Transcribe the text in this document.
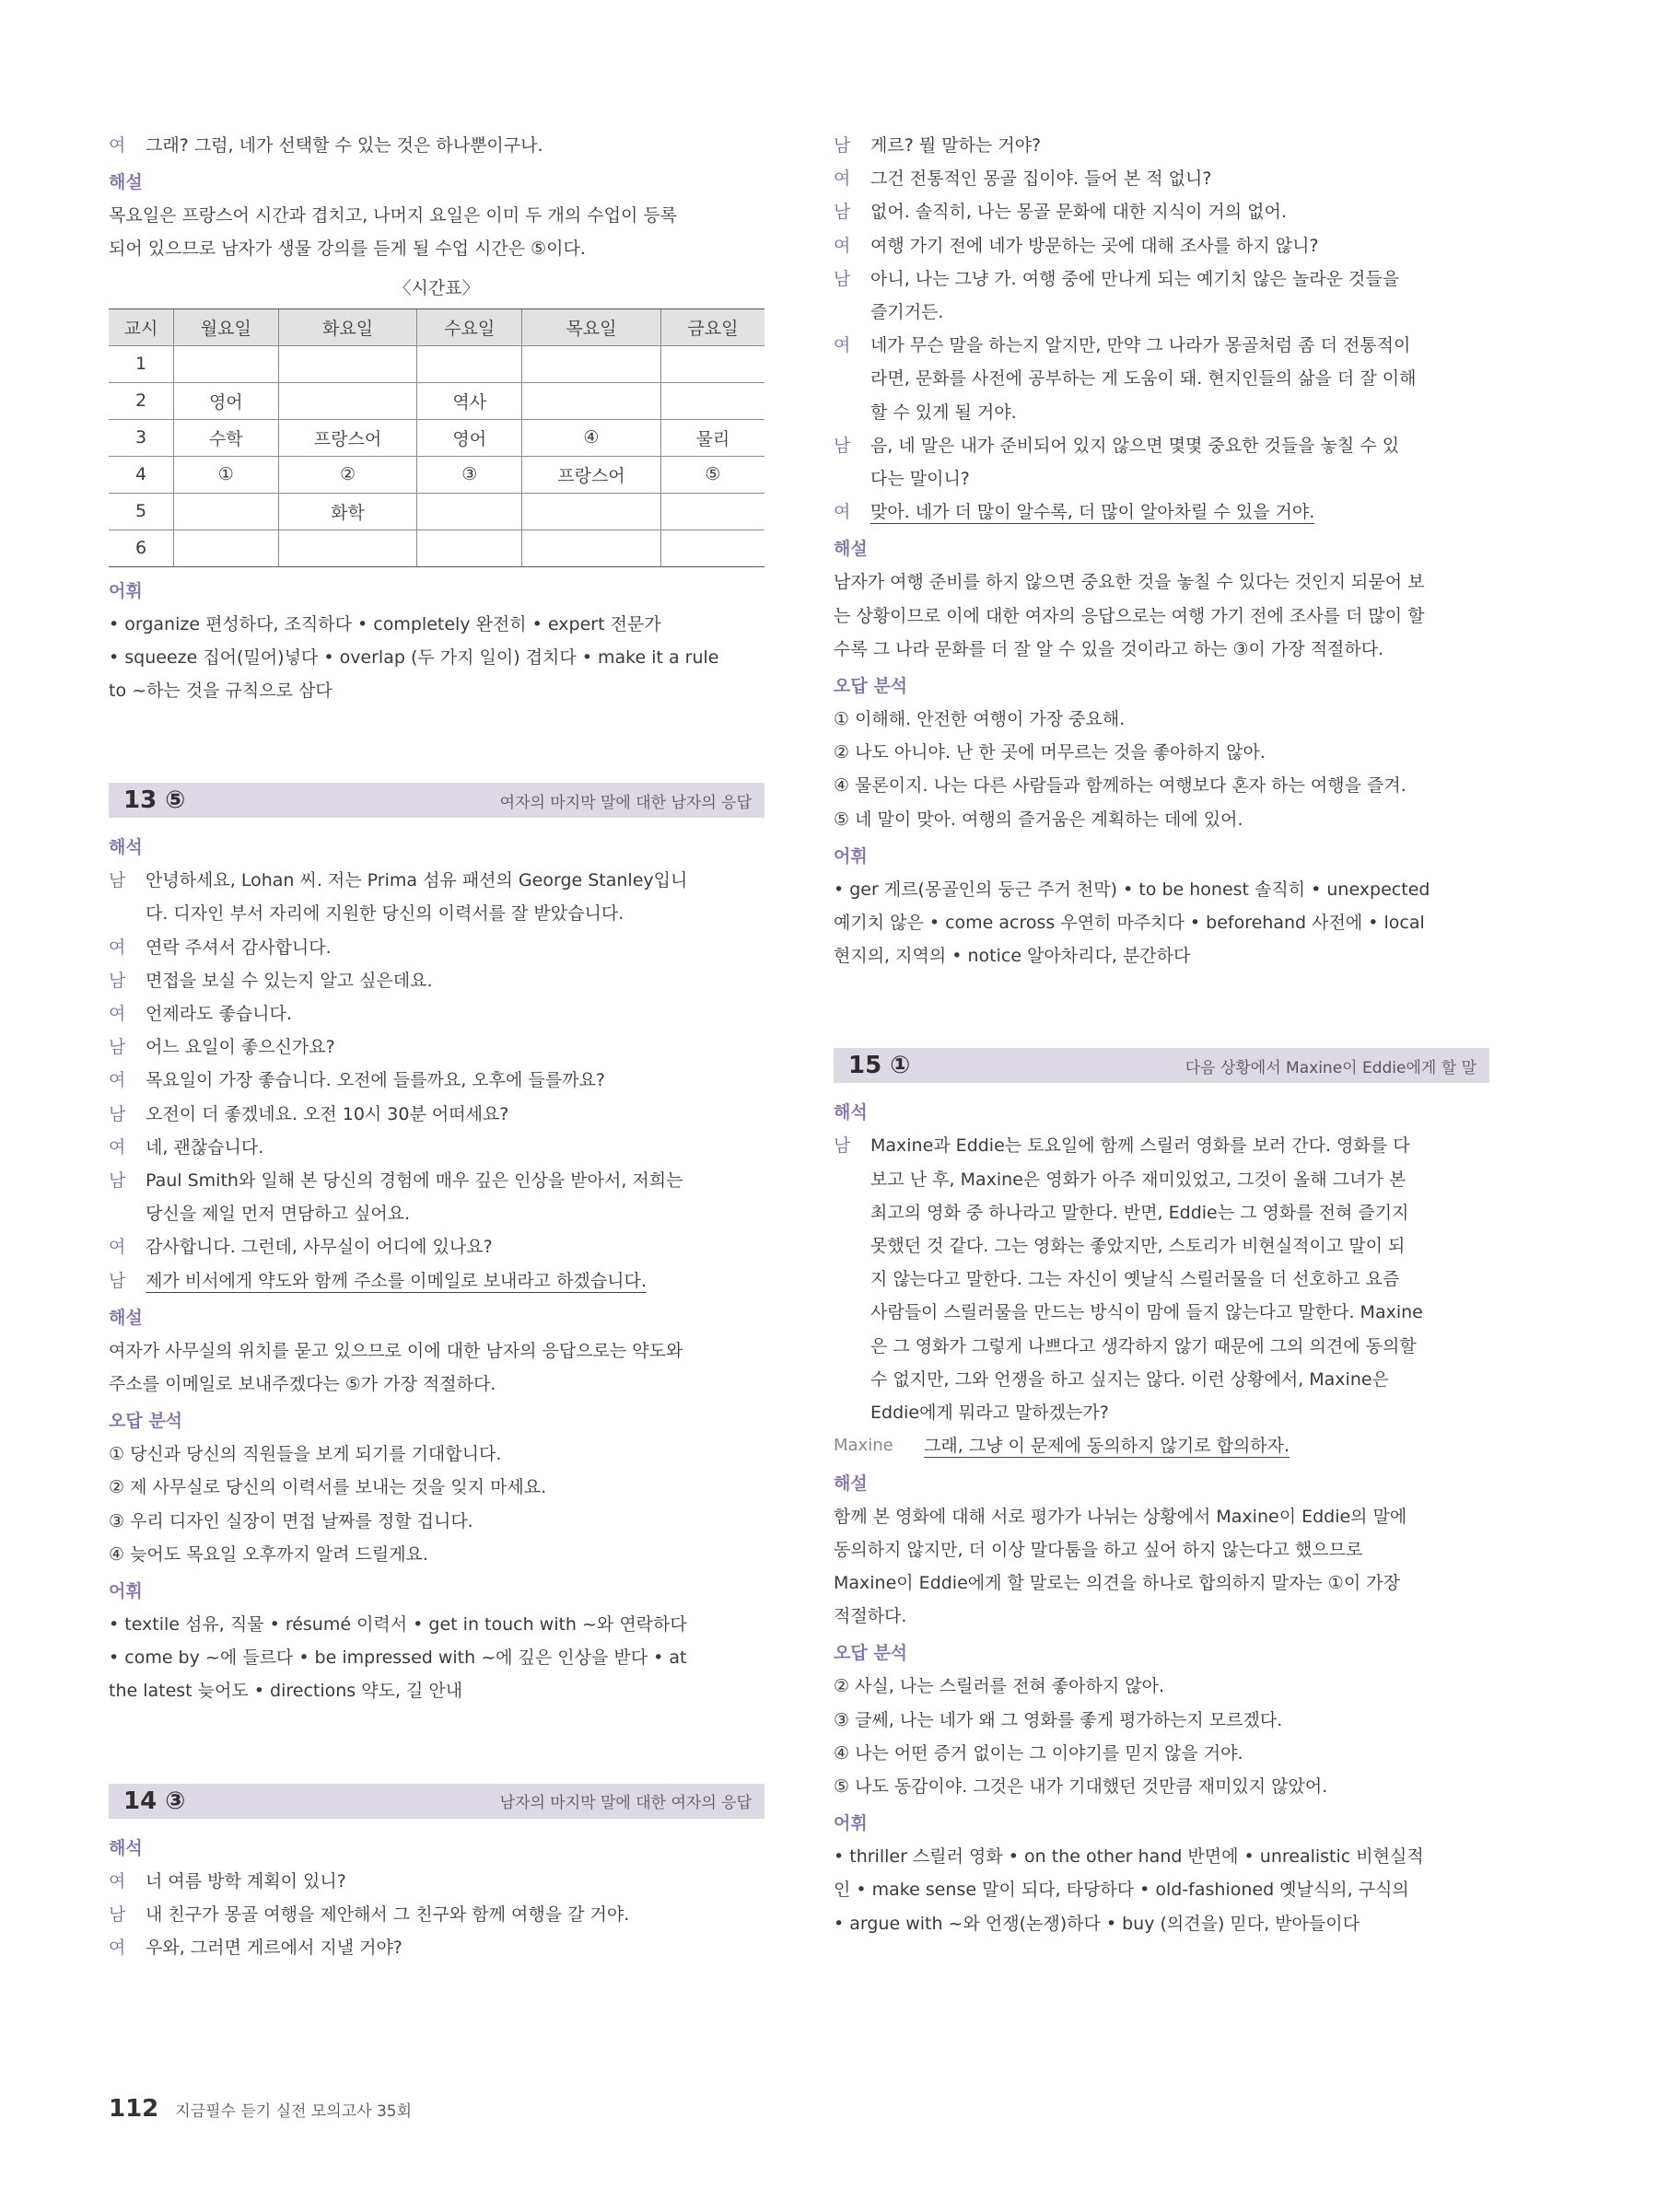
여	그래? 그럼, 네가 선택할 수 있는 것은 하나뿐이구나.
해설

목요일은 프랑스어 시간과 겹치고, 나머지 요일은 이미 두 개의 수업이 등록

되어 있으므로 남자가 생물 강의를 듣게 될 수업 시간은 ⑤이다.

〈시간표〉
교시	월요일	화요일	수요일	목요일	금요일
1					
2	영어		역사		
3	수학	프랑스어	영어	④	물리
4	①	②	③	프랑스어	⑤
5		화학			
6					
어휘

• organize 편성하다, 조직하다 • completely 완전히 • expert 전문가

• squeeze 집어(밀어)넣다 • overlap (두 가지 일이) 겹치다 • make it a rule

to ~하는 것을 규칙으로 삼다

13 ⑤	여자의 마지막 말에 대한 남자의 응답
해석
남	안녕하세요, Lohan 씨. 저는 Prima 섬유 패션의 George Stanley입니

다. 디자인 부서 자리에 지원한 당신의 이력서를 잘 받았습니다.

여	연락 주셔서 감사합니다.
남	면접을 보실 수 있는지 알고 싶은데요.
여	언제라도 좋습니다.
남	어느 요일이 좋으신가요?
여	목요일이 가장 좋습니다. 오전에 들를까요, 오후에 들를까요?
남	오전이 더 좋겠네요. 오전 10시 30분 어떠세요?
여	네, 괜찮습니다.
남	Paul Smith와 일해 본 당신의 경험에 매우 깊은 인상을 받아서, 저희는

당신을 제일 먼저 면담하고 싶어요.

여	감사합니다. 그런데, 사무실이 어디에 있나요?
남	제가 비서에게 약도와 함께 주소를 이메일로 보내라고 하겠습니다.
해설

여자가 사무실의 위치를 묻고 있으므로 이에 대한 남자의 응답으로는 약도와

주소를 이메일로 보내주겠다는 ⑤가 가장 적절하다.

오답 분석

① 당신과 당신의 직원들을 보게 되기를 기대합니다.

② 제 사무실로 당신의 이력서를 보내는 것을 잊지 마세요.

③ 우리 디자인 실장이 면접 날짜를 정할 겁니다.

④ 늦어도 목요일 오후까지 알려 드릴게요.

어휘

• textile 섬유, 직물 • résumé 이력서 • get in touch with ~와 연락하다

• come by ~에 들르다 • be impressed with ~에 깊은 인상을 받다 • at

the latest 늦어도 • directions 약도, 길 안내

14 ③	남자의 마지막 말에 대한 여자의 응답
해석
여	너 여름 방학 계획이 있니?
남	내 친구가 몽골 여행을 제안해서 그 친구와 함께 여행을 갈 거야.
여	우와, 그러면 게르에서 지낼 거야?
남	게르? 뭘 말하는 거야?
여	그건 전통적인 몽골 집이야. 들어 본 적 없니?
남	없어. 솔직히, 나는 몽골 문화에 대한 지식이 거의 없어.
여	여행 가기 전에 네가 방문하는 곳에 대해 조사를 하지 않니?
남	아니, 나는 그냥 가. 여행 중에 만나게 되는 예기치 않은 놀라운 것들을

즐기거든.

여	네가 무슨 말을 하는지 알지만, 만약 그 나라가 몽골처럼 좀 더 전통적이

라면, 문화를 사전에 공부하는 게 도움이 돼. 현지인들의 삶을 더 잘 이해

할 수 있게 될 거야.

남	음, 네 말은 내가 준비되어 있지 않으면 몇몇 중요한 것들을 놓칠 수 있

다는 말이니?

여	맞아. 네가 더 많이 알수록, 더 많이 알아차릴 수 있을 거야.
해설

남자가 여행 준비를 하지 않으면 중요한 것을 놓칠 수 있다는 것인지 되묻어 보

는 상황이므로 이에 대한 여자의 응답으로는 여행 가기 전에 조사를 더 많이 할

수록 그 나라 문화를 더 잘 알 수 있을 것이라고 하는 ③이 가장 적절하다.

오답 분석

① 이해해. 안전한 여행이 가장 중요해.

② 나도 아니야. 난 한 곳에 머무르는 것을 좋아하지 않아.

④ 물론이지. 나는 다른 사람들과 함께하는 여행보다 혼자 하는 여행을 즐겨.

⑤ 네 말이 맞아. 여행의 즐거움은 계획하는 데에 있어.

어휘

• ger 게르(몽골인의 둥근 주거 천막) • to be honest 솔직히 • unexpected

예기치 않은 • come across 우연히 마주치다 • beforehand 사전에 • local

현지의, 지역의 • notice 알아차리다, 분간하다

15 ①	다음 상황에서 Maxine이 Eddie에게 할 말
해석
남	Maxine과 Eddie는 토요일에 함께 스릴러 영화를 보러 간다. 영화를 다

보고 난 후, Maxine은 영화가 아주 재미있었고, 그것이 올해 그녀가 본

최고의 영화 중 하나라고 말한다. 반면, Eddie는 그 영화를 전혀 즐기지

못했던 것 같다. 그는 영화는 좋았지만, 스토리가 비현실적이고 말이 되

지 않는다고 말한다. 그는 자신이 옛날식 스릴러물을 더 선호하고 요즘

사람들이 스릴러물을 만드는 방식이 맘에 들지 않는다고 말한다. Maxine

은 그 영화가 그렇게 나쁘다고 생각하지 않기 때문에 그의 의견에 동의할

수 없지만, 그와 언쟁을 하고 싶지는 않다. 이런 상황에서, Maxine은

Eddie에게 뭐라고 말하겠는가?

Maxine	그래, 그냥 이 문제에 동의하지 않기로 합의하자.
해설

함께 본 영화에 대해 서로 평가가 나뉘는 상황에서 Maxine이 Eddie의 말에

동의하지 않지만, 더 이상 말다툼을 하고 싶어 하지 않는다고 했으므로

Maxine이 Eddie에게 할 말로는 의견을 하나로 합의하지 말자는 ①이 가장

적절하다.

오답 분석

② 사실, 나는 스릴러를 전혀 좋아하지 않아.

③ 글쎄, 나는 네가 왜 그 영화를 좋게 평가하는지 모르겠다.

④ 나는 어떤 증거 없이는 그 이야기를 믿지 않을 거야.

⑤ 나도 동감이야. 그것은 내가 기대했던 것만큼 재미있지 않았어.

어휘

• thriller 스릴러 영화 • on the other hand 반면에 • unrealistic 비현실적

인 • make sense 말이 되다, 타당하다 • old-fashioned 옛날식의, 구식의

• argue with ~와 언쟁(논쟁)하다 • buy (의견을) 믿다, 받아들이다

112 지금필수 듣기 실전 모의고사 35회
